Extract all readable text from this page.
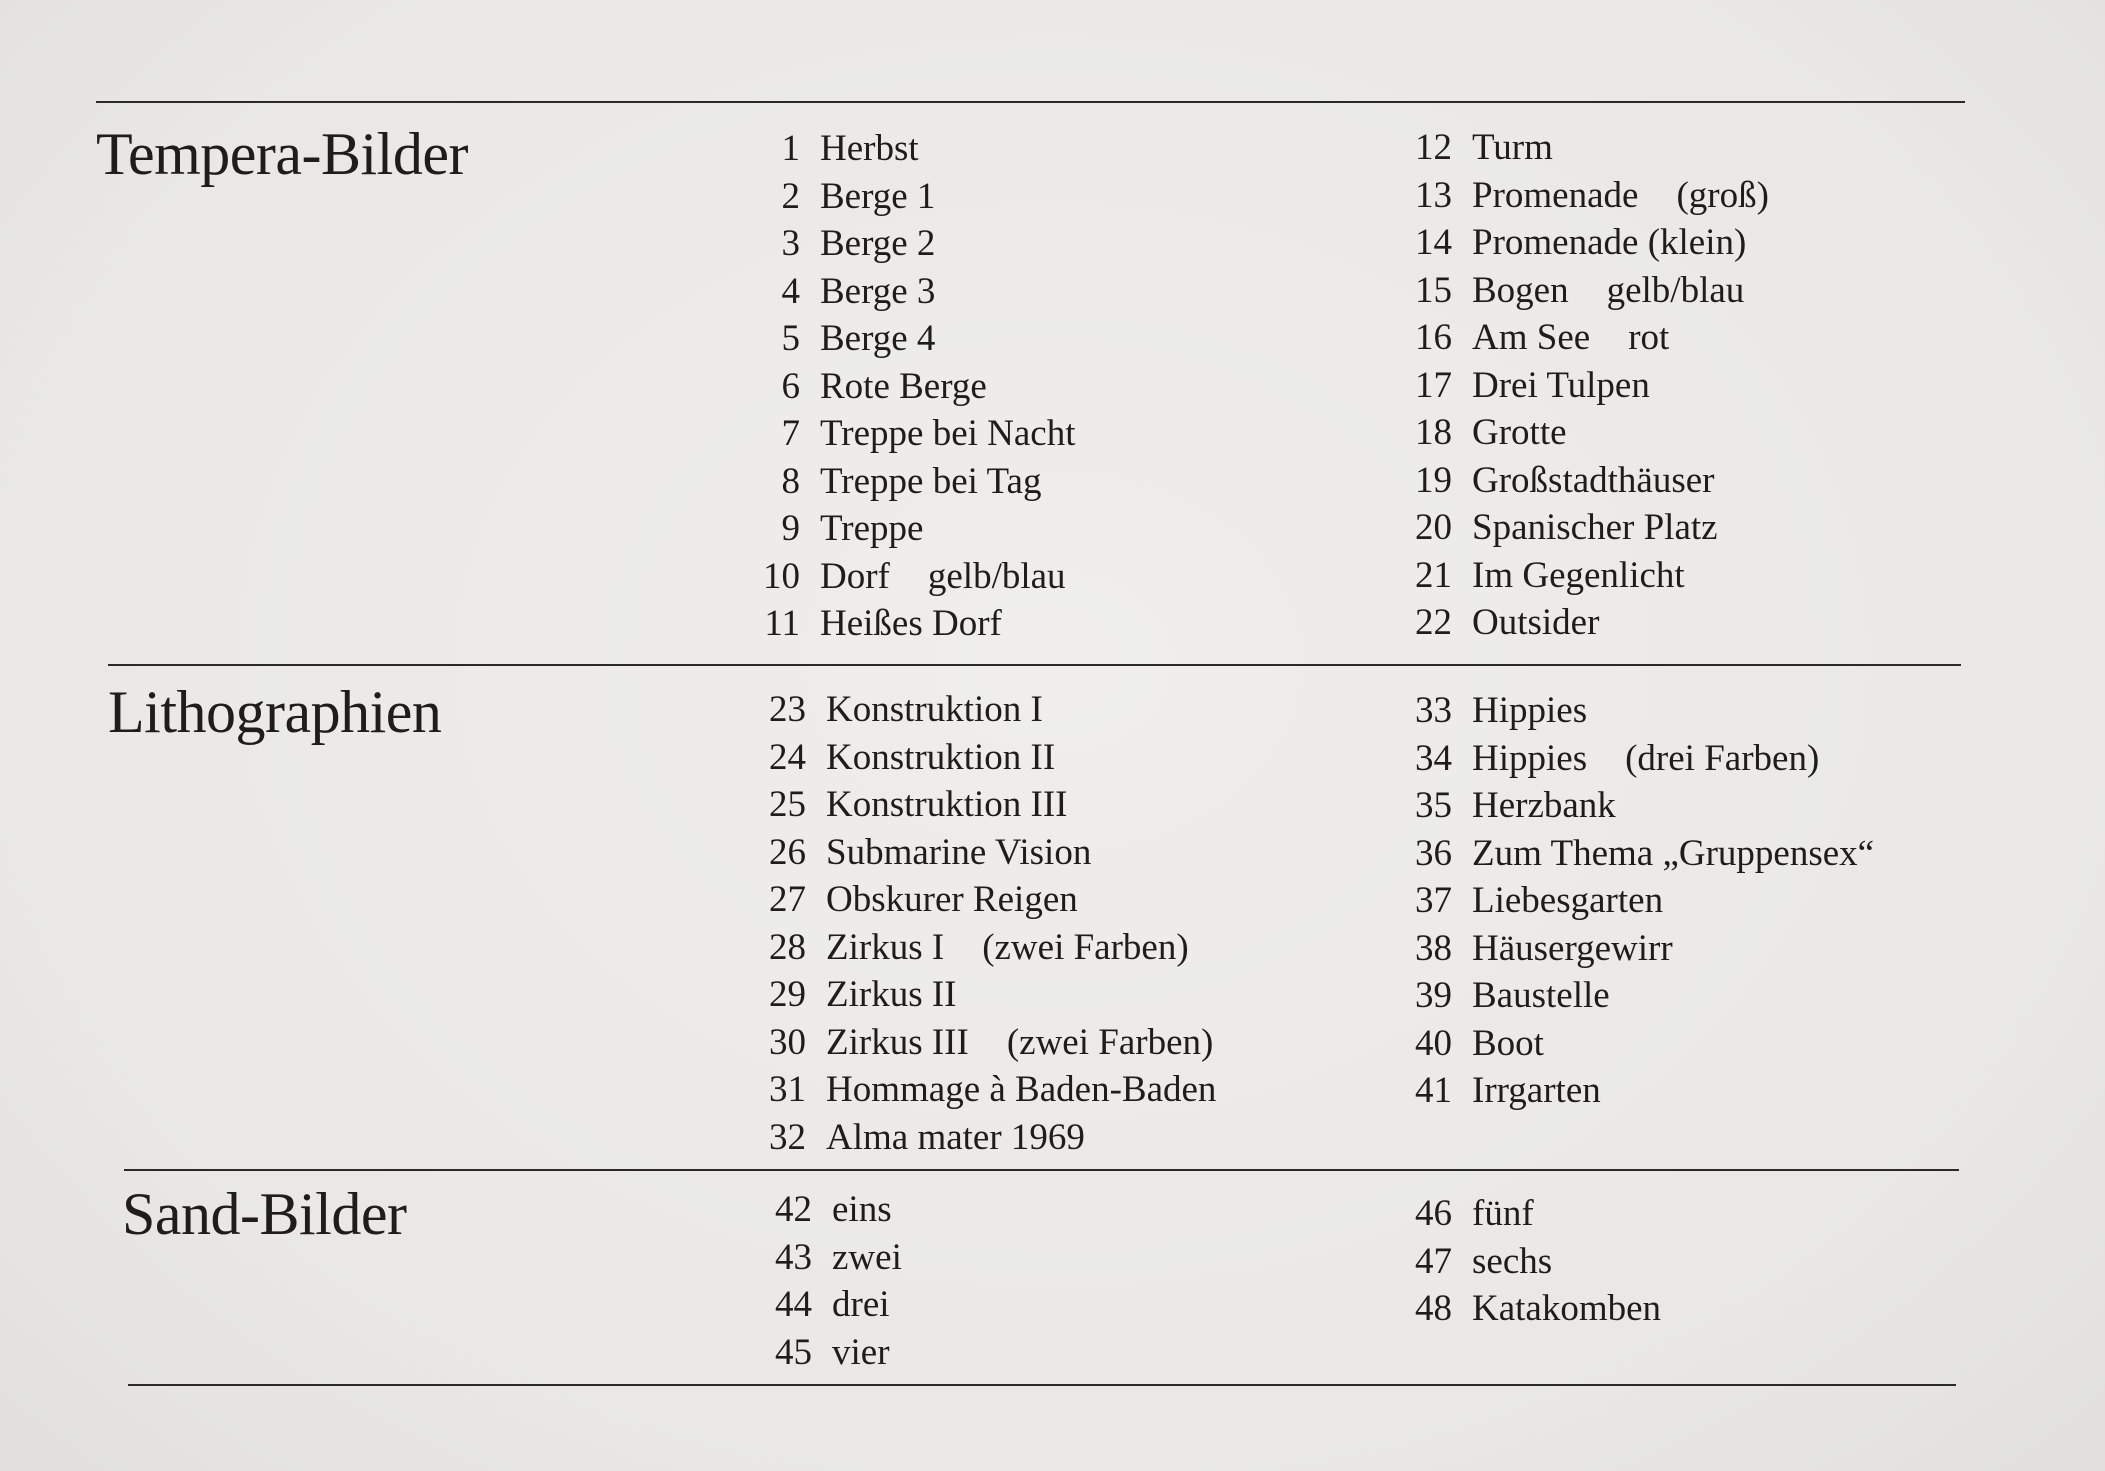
Tempera-Bilder	1 Herbst
2 Berge 1
3 Berge 2
4 Berge 3
5 Berge 4
6 Rote Berge
7 Treppe bei Nacht
8 Treppe bei Tag
9 Treppe
10 Dorf gelb/blau
11 Heißes Dorf
12 Turm
13 Promenade (groß)
14 Promenade (klein)
15 Bogen gelb/blau
16 Am See rot
17 Drei Tulpen
18 Grotte
19 Großstadthäuser
20 Spanischer Platz
21 Im Gegenlicht
22 Outsider
Lithographien	23 Konstruktion I
24 Konstruktion II
25 Konstruktion III
26 Submarine Vision
27 Obskurer Reigen
28 Zirkus I (zwei Farben)
29 Zirkus II
30 Zirkus III (zwei Farben)
31 Hommage à Baden-Baden
32 Alma mater 1969
33 Hippies
34 Hippies (drei Farben)
35 Herzbank
36 Zum Thema „Gruppensex“
37 Liebesgarten
38 Häusergewirr
39 Baustelle
40 Boot
41 Irrgarten
Sand-Bilder	42 eins
43 zwei
44 drei
45 vier
46 fünf
47 sechs
48 Katakomben
